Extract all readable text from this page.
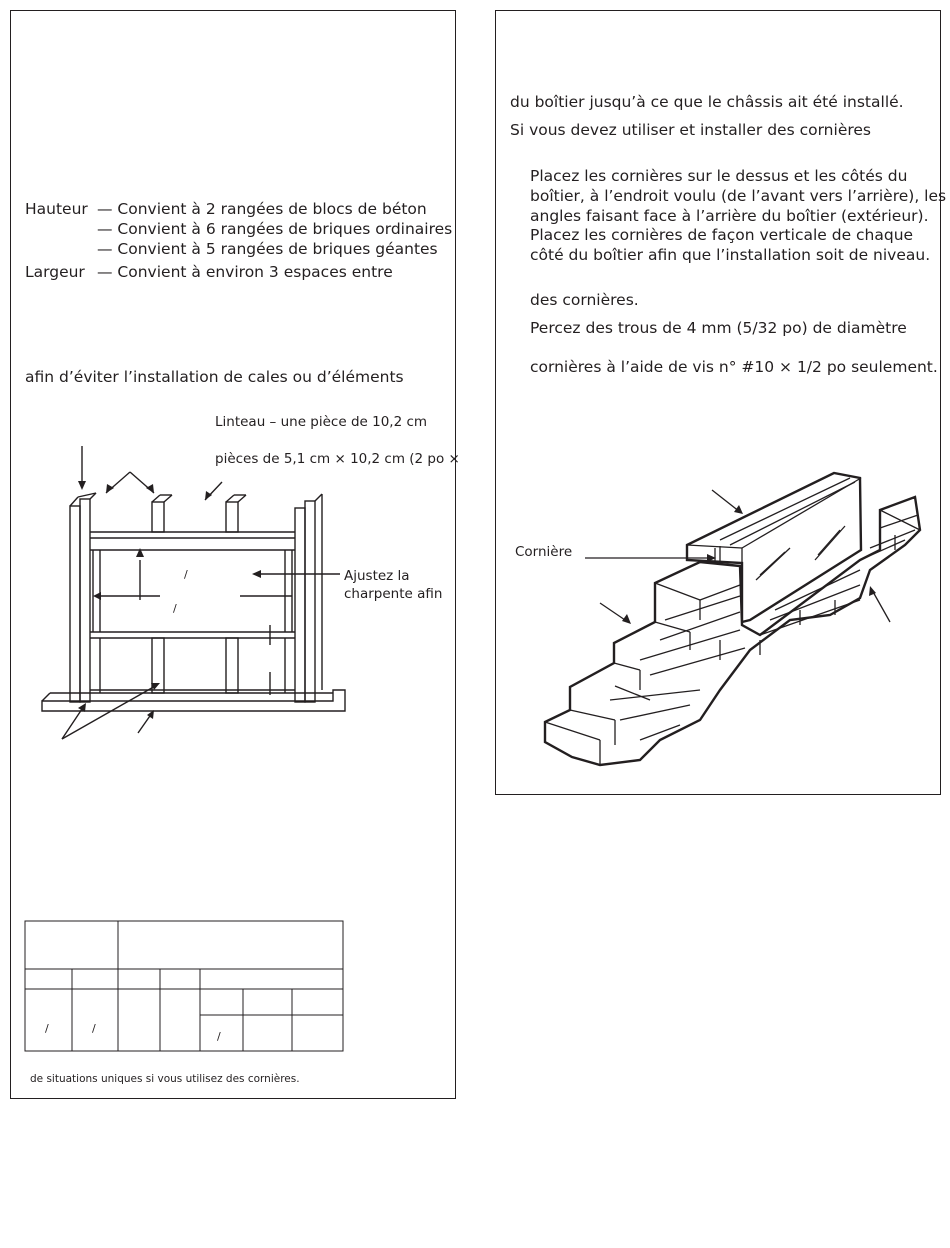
Hauteur — Convient à 2 rangées de blocs de béton
— Convient à 6 rangées de briques ordinaires
— Convient à 5 rangées de briques géantes
Largeur — Convient à environ 3 espaces entre
afin d’éviter l’installation de cales ou d’éléments
Linteau – une pièce de 10,2 cm
pièces de 5,1 cm × 10,2 cm (2 po ×
Ajustez la
charpente afin
/
/
/	/
/
de situations uniques si vous utilisez des cornières.
du boîtier jusqu’à ce que le châssis ait été installé.
Si vous devez utiliser et installer des cornières
Placez les cornières sur le dessus et les côtés du
boîtier, à l’endroit voulu (de l’avant vers l’arrière), les
angles faisant face à l’arrière du boîtier (extérieur).
Placez les cornières de façon verticale de chaque
côté du boîtier afin que l’installation soit de niveau.
des cornières.
Percez des trous de 4 mm (5/32 po) de diamètre
cornières à l’aide de vis n° #10 × 1/2 po seulement.
Cornière
